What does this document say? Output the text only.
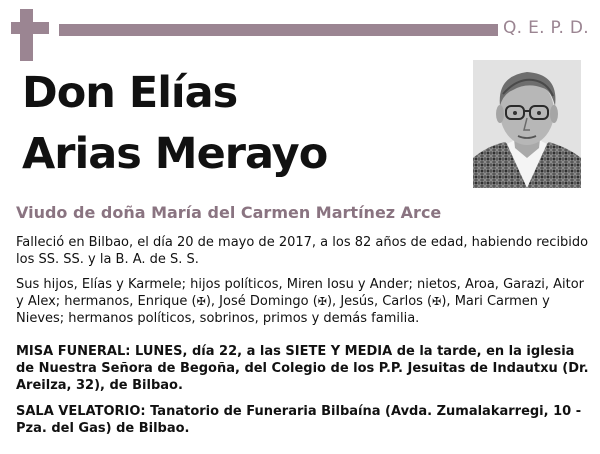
Q. E. P. D.
Don Elías
Arias Merayo
Viudo de doña María del Carmen Martínez Arce

Falleció en Bilbao, el día 20 de mayo de 2017, a los 82 años de edad, habiendo recibido los SS. SS. y la B. A. de S. S.

Sus hijos, Elías y Karmele; hijos políticos, Miren Iosu y Ander; nietos, Aroa, Garazi, Aitor y Alex; hermanos, Enrique (✠), José Domingo (✠), Jesús, Carlos (✠), Mari Carmen y Nieves; hermanos políticos, sobrinos, primos y demás familia.

MISA FUNERAL: LUNES, día 22, a las SIETE Y MEDIA de la tarde, en la iglesia de Nuestra Señora de Begoña, del Colegio de los P.P. Jesuitas de Indautxu (Dr. Areilza, 32), de Bilbao.

SALA VELATORIO: Tanatorio de Funeraria Bilbaína (Avda. Zumalakarregi, 10 - Pza. del Gas) de Bilbao.
